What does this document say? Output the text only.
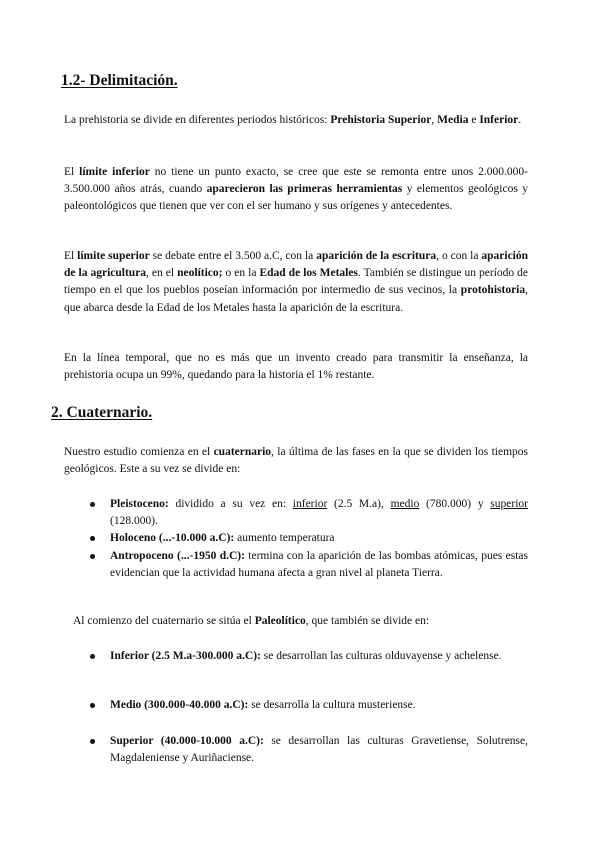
1.2- Delimitación.

La prehistoria se divide en diferentes periodos históricos: Prehistoria Superior, Media e Inferior.

El límite inferior no tiene un punto exacto, se cree que este se remonta entre unos 2.000.000-3.500.000 años atrás, cuando aparecieron las primeras herramientas y elementos geológicos y paleontológicos que tienen que ver con el ser humano y sus orígenes y antecedentes.

El límite superior se debate entre el 3.500 a.C, con la aparición de la escritura, o con la aparición de la agricultura, en el neolítico; o en la Edad de los Metales. También se distingue un período de tiempo en el que los pueblos poseían información por intermedio de sus vecinos, la protohistoria, que abarca desde la Edad de los Metales hasta la aparición de la escritura.

En la línea temporal, que no es más que un invento creado para transmitir la enseñanza, la prehistoria ocupa un 99%, quedando para la historia el 1% restante.

2. Cuaternario.

Nuestro estudio comienza en el cuaternario, la última de las fases en la que se dividen los tiempos geológicos. Este a su vez se divide en:

Pleistoceno: dividido a su vez en: inferior (2.5 M.a), medio (780.000) y superior (128.000).
Holoceno (...-10.000 a.C): aumento temperatura
Antropoceno (...-1950 d.C): termina con la aparición de las bombas atómicas, pues estas evidencian que la actividad humana afecta a gran nivel al planeta Tierra.

Al comienzo del cuaternario se sitúa el Paleolítico, que también se divide en:

Inferior (2.5 M.a-300.000 a.C): se desarrollan las culturas olduvayense y achelense.
Medio (300.000-40.000 a.C): se desarrolla la cultura musteriense.
Superior (40.000-10.000 a.C): se desarrollan las culturas Gravetiense, Solutrense, Magdaleniense y Auriñaciense.
